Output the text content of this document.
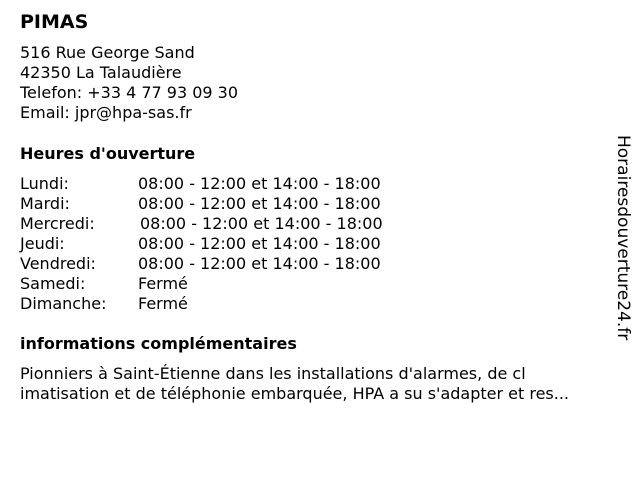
PIMAS
516 Rue George Sand
42350 La Talaudière
Telefon: +33 4 77 93 09 30
Email: jpr@hpa-sas.fr
Heures d'ouverture
Lundi:	08:00 - 12:00 et 14:00 - 18:00
Mardi:	08:00 - 12:00 et 14:00 - 18:00
Mercredi:	08:00 - 12:00 et 14:00 - 18:00
Jeudi:	08:00 - 12:00 et 14:00 - 18:00
Vendredi:	08:00 - 12:00 et 14:00 - 18:00
Samedi:	Fermé
Dimanche: Fermé
informations complémentaires
Pionniers à Saint-Étienne dans les installations d'alarmes, de cl
imatisation et de téléphonie embarquée, HPA a su s'adapter et res...
Horairesdouverture24.fr
